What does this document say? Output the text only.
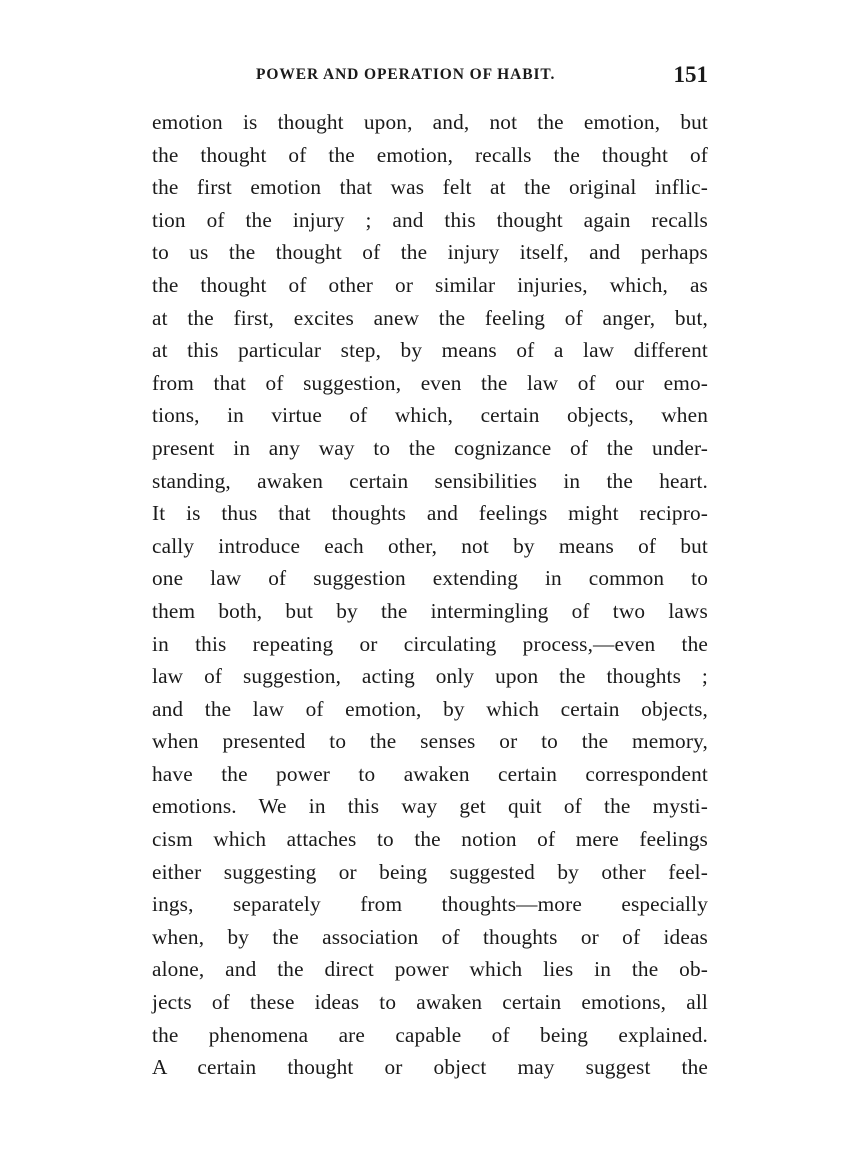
POWER AND OPERATION OF HABIT.	151
emotion is thought upon, and, not the emotion, but
the thought of the emotion, recalls the thought of
the first emotion that was felt at the original inflic-
tion of the injury ; and this thought again recalls
to us the thought of the injury itself, and perhaps
the thought of other or similar injuries, which, as
at the first, excites anew the feeling of anger, but,
at this particular step, by means of a law different
from that of suggestion, even the law of our emo-
tions, in virtue of which, certain objects, when
present in any way to the cognizance of the under-
standing, awaken certain sensibilities in the heart.
It is thus that thoughts and feelings might recipro-
cally introduce each other, not by means of but
one law of suggestion extending in common to
them both, but by the intermingling of two laws
in this repeating or circulating process,—even the
law of suggestion, acting only upon the thoughts ;
and the law of emotion, by which certain objects,
when presented to the senses or to the memory,
have the power to awaken certain correspondent
emotions. We in this way get quit of the mysti-
cism which attaches to the notion of mere feelings
either suggesting or being suggested by other feel-
ings, separately from thoughts—more especially
when, by the association of thoughts or of ideas
alone, and the direct power which lies in the ob-
jects of these ideas to awaken certain emotions, all
the phenomena are capable of being explained.
A certain thought or object may suggest the
